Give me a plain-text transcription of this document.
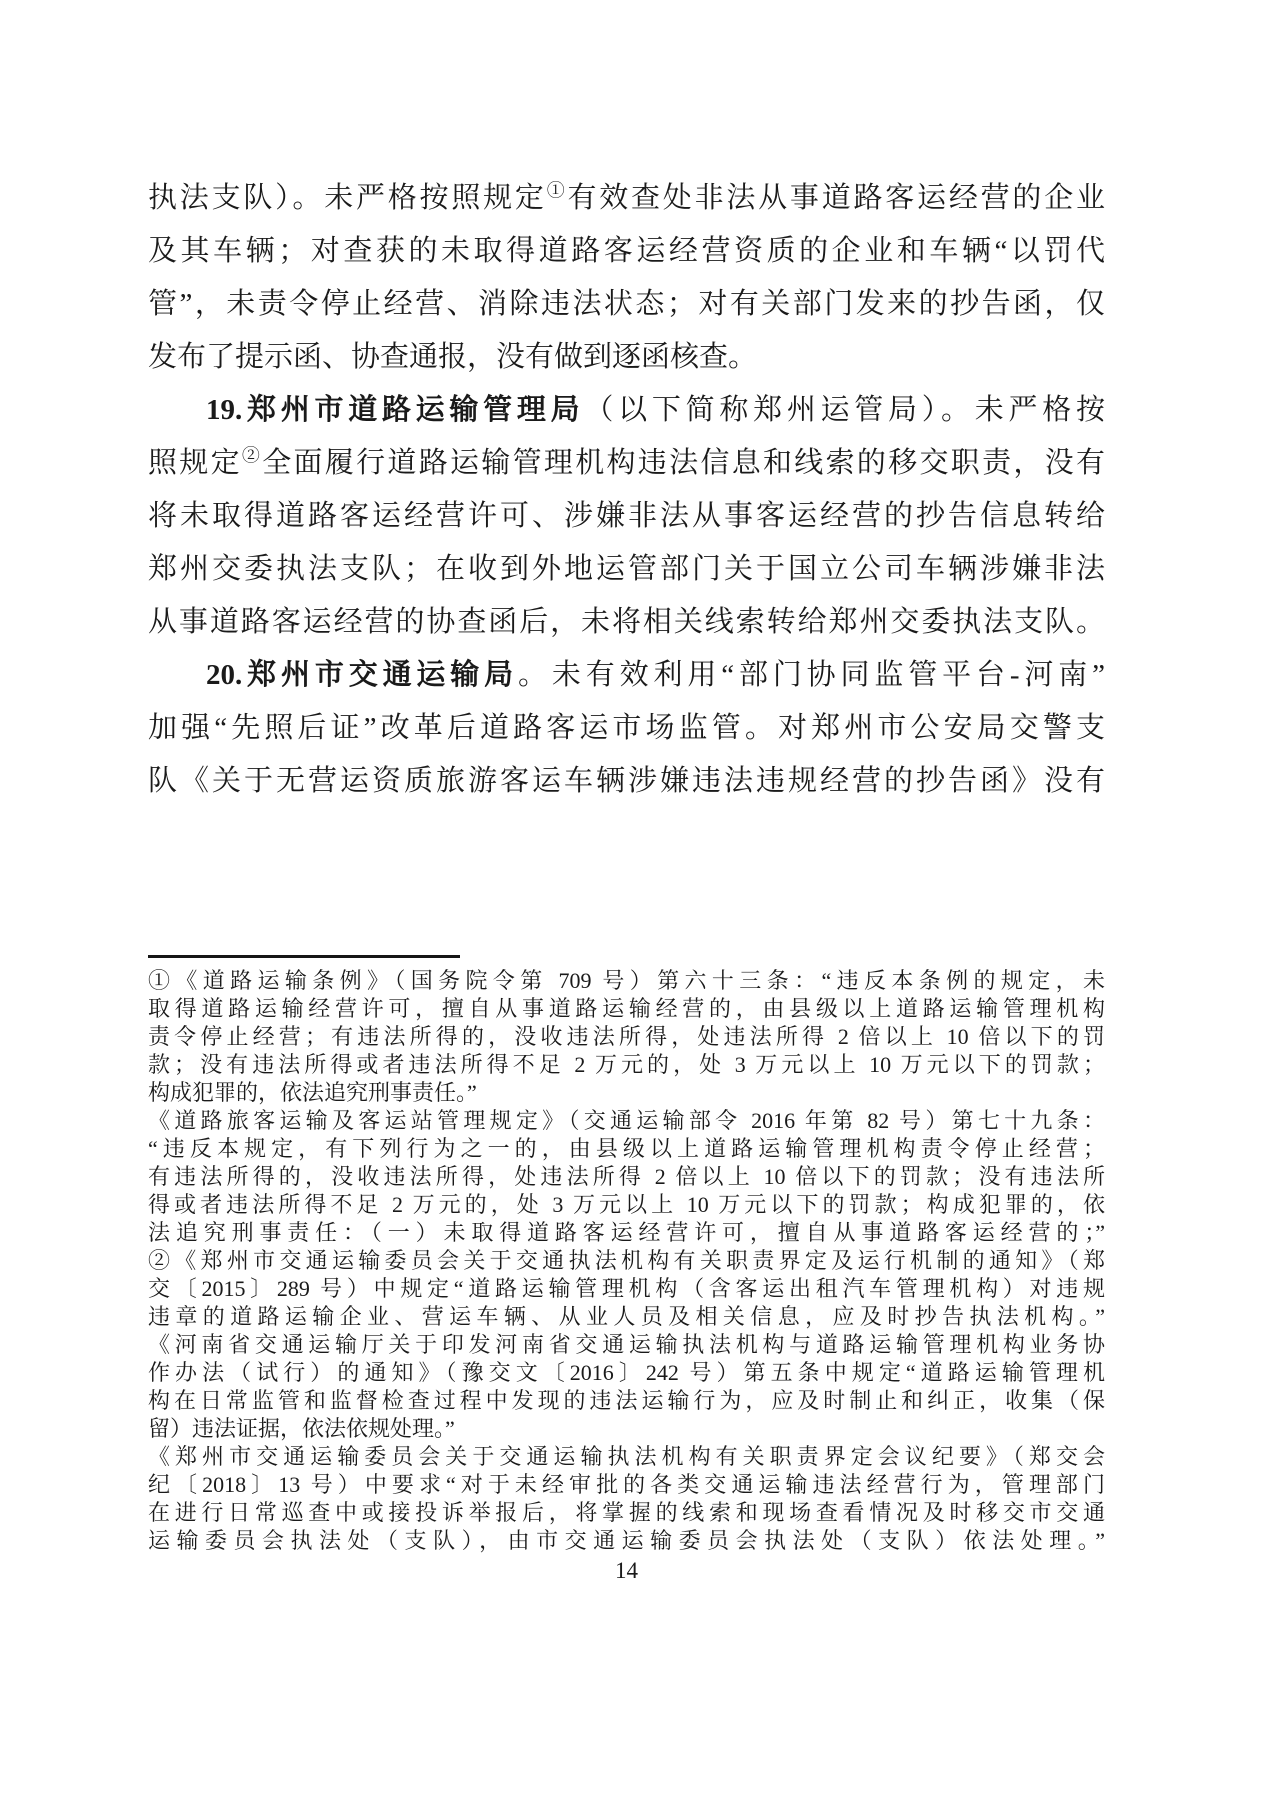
执法支队）。未严格按照规定①有效查处非法从事道路客运经营的企业
及其车辆；对查获的未取得道路客运经营资质的企业和车辆“以罚代
管”，未责令停止经营、消除违法状态；对有关部门发来的抄告函，仅
发布了提示函、协查通报，没有做到逐函核查。
19.郑州市道路运输管理局（以下简称郑州运管局）。未严格按
照规定②全面履行道路运输管理机构违法信息和线索的移交职责，没有
将未取得道路客运经营许可、涉嫌非法从事客运经营的抄告信息转给
郑州交委执法支队；在收到外地运管部门关于国立公司车辆涉嫌非法
从事道路客运经营的协查函后，未将相关线索转给郑州交委执法支队。
20.郑州市交通运输局。未有效利用“部门协同监管平台-河南”
加强“先照后证”改革后道路客运市场监管。对郑州市公安局交警支
队《关于无营运资质旅游客运车辆涉嫌违法违规经营的抄告函》没有
①《道路运输条例》（国务院令第 709 号）第六十三条：“违反本条例的规定，未
取得道路运输经营许可，擅自从事道路运输经营的，由县级以上道路运输管理机构
责令停止经营；有违法所得的，没收违法所得，处违法所得 2 倍以上 10 倍以下的罚
款；没有违法所得或者违法所得不足 2 万元的，处 3 万元以上 10 万元以下的罚款；
构成犯罪的，依法追究刑事责任。”
《道路旅客运输及客运站管理规定》（交通运输部令 2016 年第 82 号）第七十九条：
“违反本规定，有下列行为之一的，由县级以上道路运输管理机构责令停止经营；
有违法所得的，没收违法所得，处违法所得 2 倍以上 10 倍以下的罚款；没有违法所
得或者违法所得不足 2 万元的，处 3 万元以上 10 万元以下的罚款；构成犯罪的，依
法追究刑事责任：（一）未取得道路客运经营许可，擅自从事道路客运经营的；”
②《郑州市交通运输委员会关于交通执法机构有关职责界定及运行机制的通知》（郑
交〔2015〕289 号）中规定“道路运输管理机构（含客运出租汽车管理机构）对违规
违章的道路运输企业、营运车辆、从业人员及相关信息，应及时抄告执法机构。”
《河南省交通运输厅关于印发河南省交通运输执法机构与道路运输管理机构业务协
作办法（试行）的通知》（豫交文〔2016〕242 号）第五条中规定“道路运输管理机
构在日常监管和监督检查过程中发现的违法运输行为，应及时制止和纠正，收集（保
留）违法证据，依法依规处理。”
《郑州市交通运输委员会关于交通运输执法机构有关职责界定会议纪要》（郑交会
纪〔2018〕13 号）中要求“对于未经审批的各类交通运输违法经营行为，管理部门
在进行日常巡查中或接投诉举报后，将掌握的线索和现场查看情况及时移交市交通
运输委员会执法处（支队），由市交通运输委员会执法处（支队）依法处理。”
14
